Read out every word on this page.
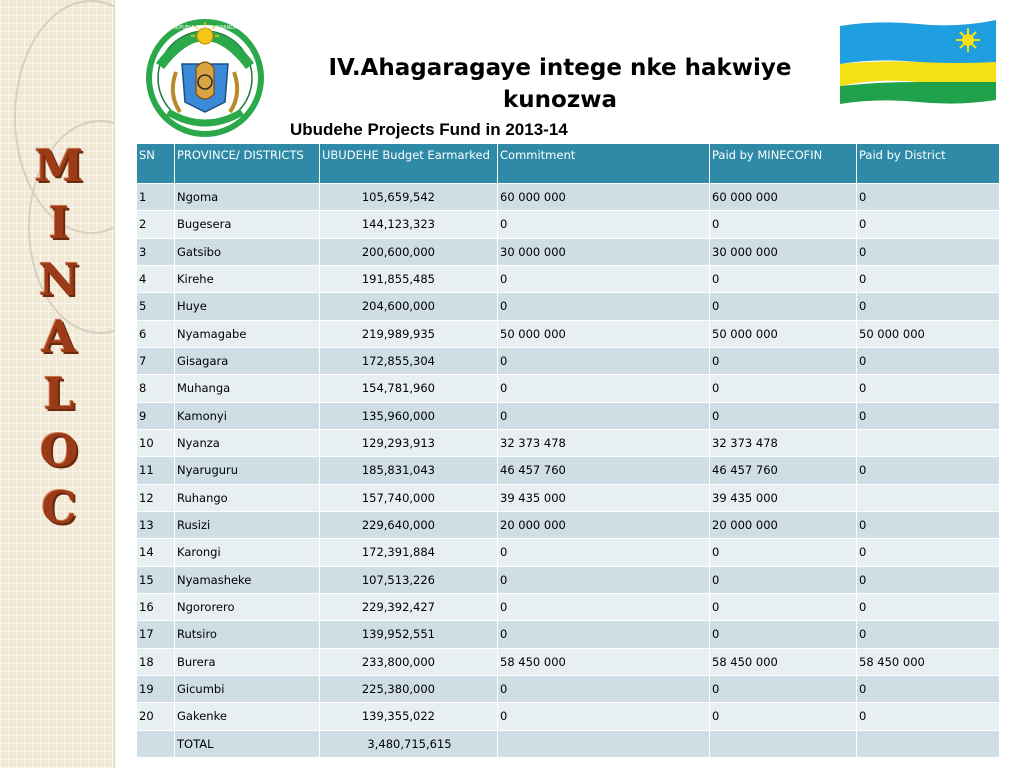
M
I
N
A
L
O
C
REPUBULIKA Y'U RWANDA
IV.Ahagaragaye intege nke hakwiye kunozwa
Ubudehe Projects Fund in 2013-14
SN	PROVINCE/ DISTRICTS	UBUDEHE Budget Earmarked	Commitment	Paid by MINECOFIN	Paid by District
1	Ngoma	105,659,542	60 000 000	60 000 000	0
2	Bugesera	144,123,323	0	0	0
3	Gatsibo	200,600,000	30 000 000	30 000 000	0
4	Kirehe	191,855,485	0	0	0
5	Huye	204,600,000	0	0	0
6	Nyamagabe	219,989,935	50 000 000	50 000 000	50 000 000
7	Gisagara	172,855,304	0	0	0
8	Muhanga	154,781,960	0	0	0
9	Kamonyi	135,960,000	0	0	0
10	Nyanza	129,293,913	32 373 478	32 373 478	
11	Nyaruguru	185,831,043	46 457 760	46 457 760	0
12	Ruhango	157,740,000	39 435 000	39 435 000	
13	Rusizi	229,640,000	20 000 000	20 000 000	0
14	Karongi	172,391,884	0	0	0
15	Nyamasheke	107,513,226	0	0	0
16	Ngororero	229,392,427	0	0	0
17	Rutsiro	139,952,551	0	0	0
18	Burera	233,800,000	58 450 000	58 450 000	58 450 000
19	Gicumbi	225,380,000	0	0	0
20	Gakenke	139,355,022	0	0	0
	TOTAL	3,480,715,615			
